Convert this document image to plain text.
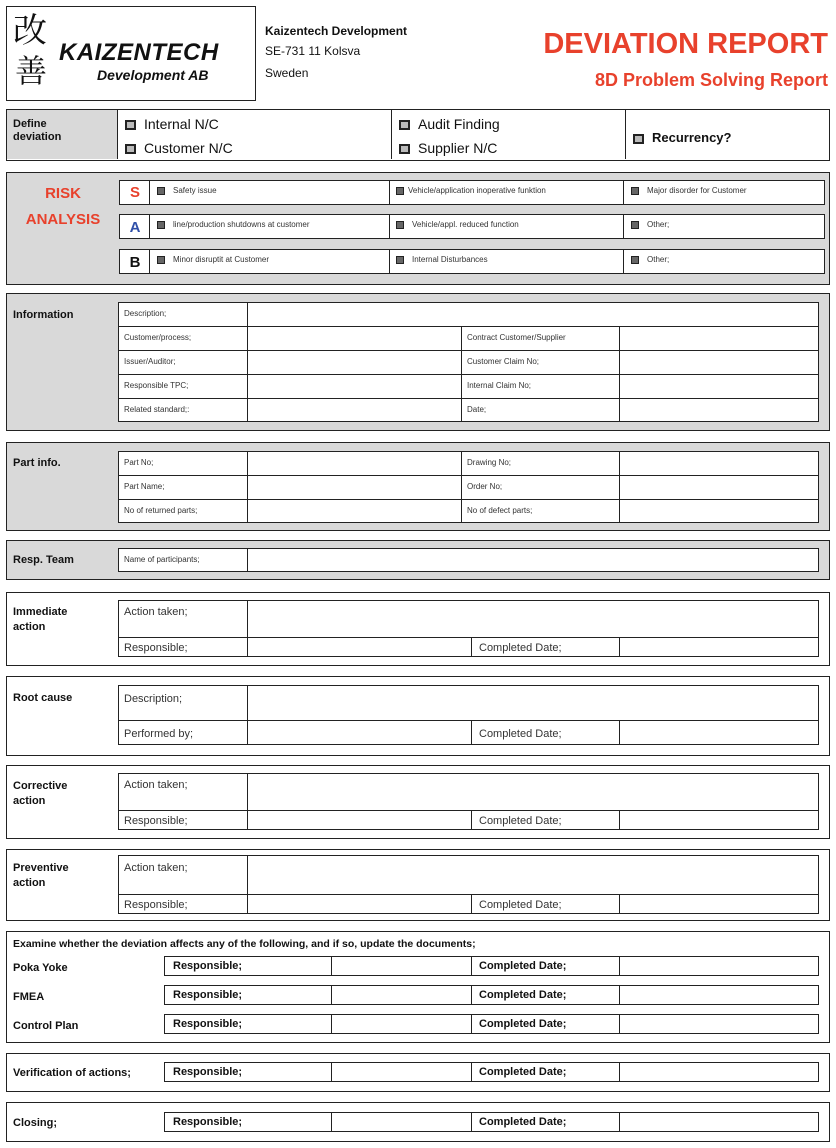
改
善 KAIZENTECH
Development AB
Kaizentech Development
SE-731 11 Kolsva
Sweden
DEVIATION REPORT
8D Problem Solving Report
Define deviation
Internal N/C
Customer N/C
Audit Finding
Supplier N/C
Recurrency?
RISK
ANALYSIS
S	Safety issue	Vehicle/application inoperative funktion	Major disorder for Customer
A	line/production shutdowns at customer	Vehicle/appl. reduced function	Other;
B	Minor disruptit at Customer	Internal Disturbances	Other;
Information	Description;
Customer/process;	Contract Customer/Supplier
Issuer/Auditor;	Customer Claim No;
Responsible TPC;	Internal Claim No;
Related standard;:	Date;
Part info.	Part No;	Drawing No;
Part Name;	Order No;
No of returned parts;	No of defect parts;
Resp. Team	Name of participants;
Immediate action
Action taken;
Responsible;	Completed Date;
Root cause	Description;
Performed by;	Completed Date;
Corrective action
Action taken;
Responsible;	Completed Date;
Preventive action
Action taken;
Responsible;	Completed Date;
Examine whether the deviation affects any of the following, and if so, update the documents;
Poka Yoke	Responsible;	Completed Date;
FMEA	Responsible;	Completed Date;
Control Plan	Responsible;	Completed Date;
Verification of actions;	Responsible;	Completed Date;
Closing;	Responsible;	Completed Date;
